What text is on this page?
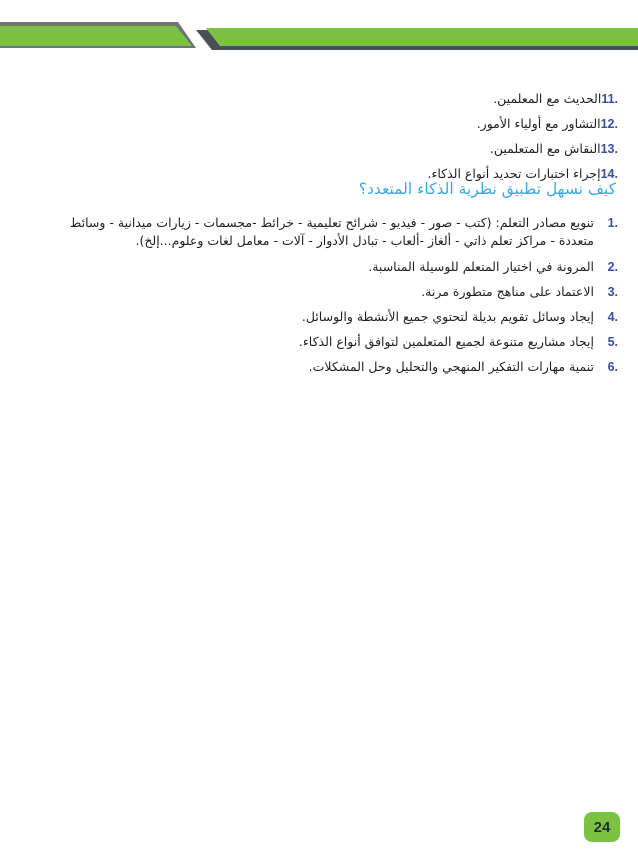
11.
الحديث مع المعلمين.
12.
التشاور مع أولياء الأمور.
13.
النقاش مع المتعلمين.
14.
إجراء اختبارات تحديد أنواع الذكاء.
كيف نسهل تطبيق نظرية الذكاء المتعدد؟
1.
تنويع مصادر التعلم: (كتب - صور - فيديو - شرائح تعليمية - خرائط -مجسمات - زيارات ميدانية - وسائط متعددة - مراكز تعلم ذاتي - ألغاز -ألعاب - تبادل الأدوار - آلات - معامل لغات وعلوم...إلخ).
2.
المرونة في اختيار المتعلم للوسيلة المناسبة.
3.
الاعتماد على مناهج متطورة مرنة.
4.
إيجاد وسائل تقويم بديلة لتحتوي جميع الأنشطة والوسائل.
5.
إيجاد مشاريع متنوعة لجميع المتعلمين لتوافق أنواع الذكاء.
6.
تنمية مهارات التفكير المنهجي والتحليل وحل المشكلات.
24
